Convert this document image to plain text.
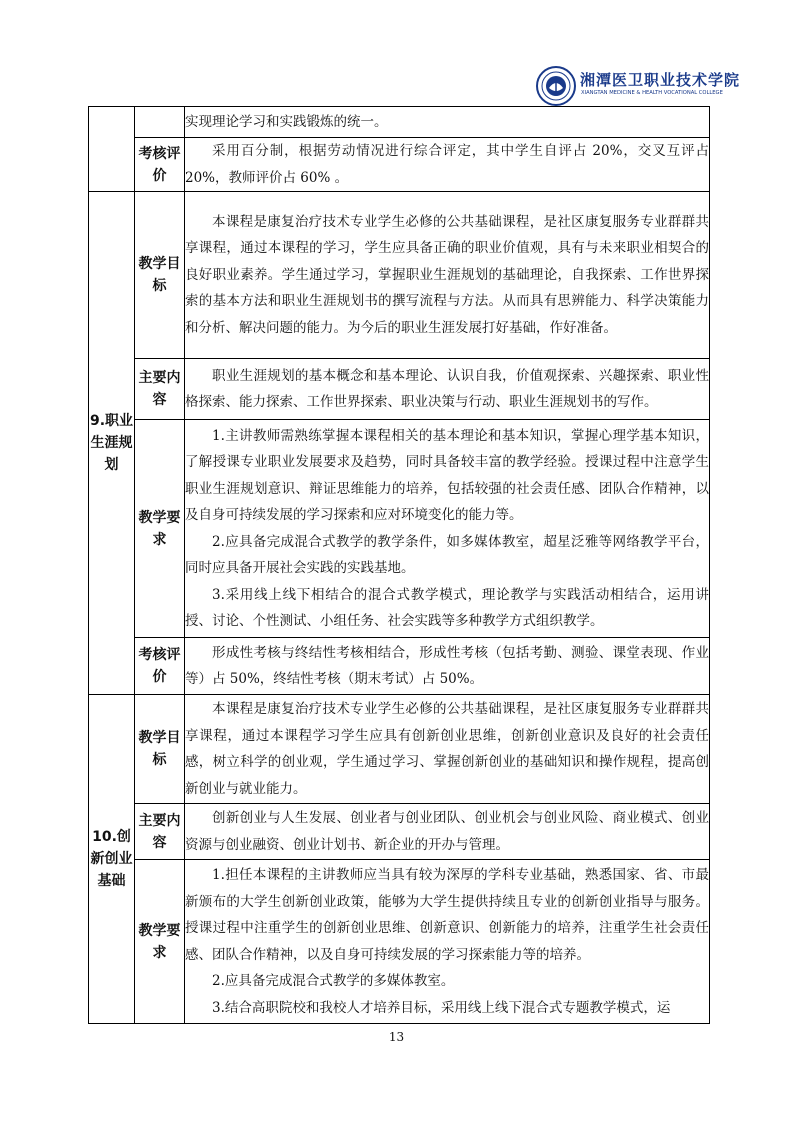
湘潭医卫职业技术学院
XIANGTAN MEDICINE & HEALTH VOCATIONAL COLLEGE

		实现理论学习和实践锻炼的统一。

	考核评价	采用百分制，根据劳动情况进行综合评定，其中学生自评占 20%，交叉互评占 20%，教师评价占 60% 。

9.职业生涯规划	教学目标	本课程是康复治疗技术专业学生必修的公共基础课程，是社区康复服务专业群群共享课程，通过本课程的学习，学生应具备正确的职业价值观，具有与未来职业相契合的良好职业素养。学生通过学习，掌握职业生涯规划的基础理论，自我探索、工作世界探索的基本方法和职业生涯规划书的撰写流程与方法。从而具有思辨能力、科学决策能力和分析、解决问题的能力。为今后的职业生涯发展打好基础，作好准备。

	主要内容	职业生涯规划的基本概念和基本理论、认识自我，价值观探索、兴趣探索、职业性格探索、能力探索、工作世界探索、职业决策与行动、职业生涯规划书的写作。

	教学要求	1.主讲教师需熟练掌握本课程相关的基本理论和基本知识，掌握心理学基本知识，了解授课专业职业发展要求及趋势，同时具备较丰富的教学经验。授课过程中注意学生职业生涯规划意识、辩证思维能力的培养，包括较强的社会责任感、团队合作精神，以及自身可持续发展的学习探索和应对环境变化的能力等。

2.应具备完成混合式教学的教学条件，如多媒体教室，超星泛雅等网络教学平台，同时应具备开展社会实践的实践基地。

3.采用线上线下相结合的混合式教学模式，理论教学与实践活动相结合，运用讲授、讨论、个性测试、小组任务、社会实践等多种教学方式组织教学。

	考核评价	形成性考核与终结性考核相结合，形成性考核（包括考勤、测验、课堂表现、作业等）占 50%，终结性考核（期末考试）占 50%。

10.创新创业基础	教学目标	本课程是康复治疗技术专业学生必修的公共基础课程，是社区康复服务专业群群共享课程，通过本课程学习学生应具有创新创业思维，创新创业意识及良好的社会责任感，树立科学的创业观，学生通过学习、掌握创新创业的基础知识和操作规程，提高创新创业与就业能力。

	主要内容	创新创业与人生发展、创业者与创业团队、创业机会与创业风险、商业模式、创业资源与创业融资、创业计划书、新企业的开办与管理。

	教学要求	1.担任本课程的主讲教师应当具有较为深厚的学科专业基础，熟悉国家、省、市最新颁布的大学生创新创业政策，能够为大学生提供持续且专业的创新创业指导与服务。授课过程中注重学生的创新创业思维、创新意识、创新能力的培养，注重学生社会责任感、团队合作精神，以及自身可持续发展的学习探索能力等的培养。

2.应具备完成混合式教学的多媒体教室。

3.结合高职院校和我校人才培养目标，采用线上线下混合式专题教学模式，运

13
